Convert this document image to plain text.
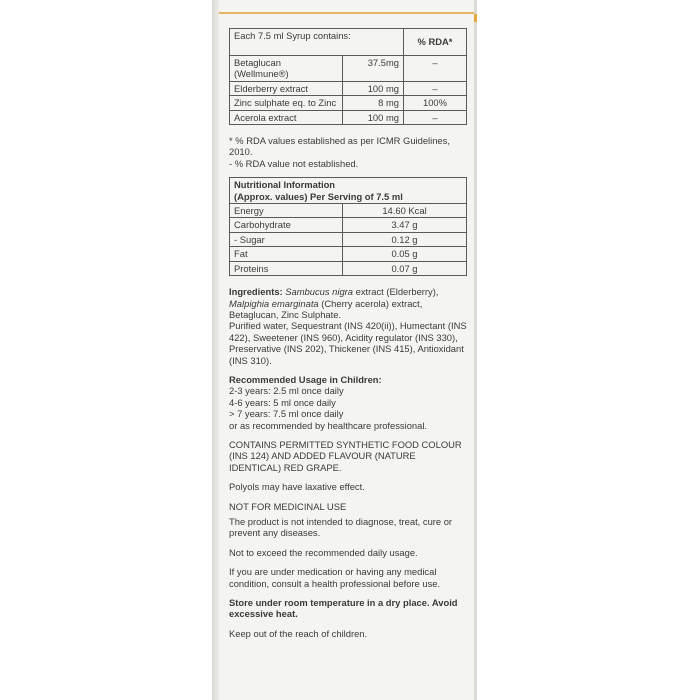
Each 7.5 ml Syrup contains:		% RDA*
Betaglucan (Wellmune®)	37.5mg	–
Elderberry extract	100 mg	–
Zinc sulphate eq. to Zinc	8 mg	100%
Acerola extract	100 mg	–
* % RDA values established as per ICMR Guidelines, 2010.
- % RDA value not established.
Nutritional Information
(Approx. values) Per Serving of 7.5 ml	

Energy	14.60 Kcal
Carbohydrate	3.47 g
- Sugar	0.12 g
Fat	0.05 g
Proteins	0.07 g
Ingredients: Sambucus nigra extract (Elderberry), Malpighia emarginata (Cherry acerola) extract, Betaglucan, Zinc Sulphate.
Purified water, Sequestrant (INS 420(ii)), Humectant (INS 422), Sweetener (INS 960), Acidity regulator (INS 330), Preservative (INS 202), Thickener (INS 415), Antioxidant (INS 310).
Recommended Usage in Children:
2-3 years: 2.5 ml once daily
4-6 years: 5 ml once daily
> 7 years: 7.5 ml once daily
or as recommended by healthcare professional.
CONTAINS PERMITTED SYNTHETIC FOOD COLOUR (INS 124) AND ADDED FLAVOUR (NATURE IDENTICAL) RED GRAPE.
Polyols may have laxative effect.
NOT FOR MEDICINAL USE
The product is not intended to diagnose, treat, cure or prevent any diseases.
Not to exceed the recommended daily usage.
If you are under medication or having any medical condition, consult a health professional before use.
Store under room temperature in a dry place. Avoid excessive heat.
Keep out of the reach of children.
